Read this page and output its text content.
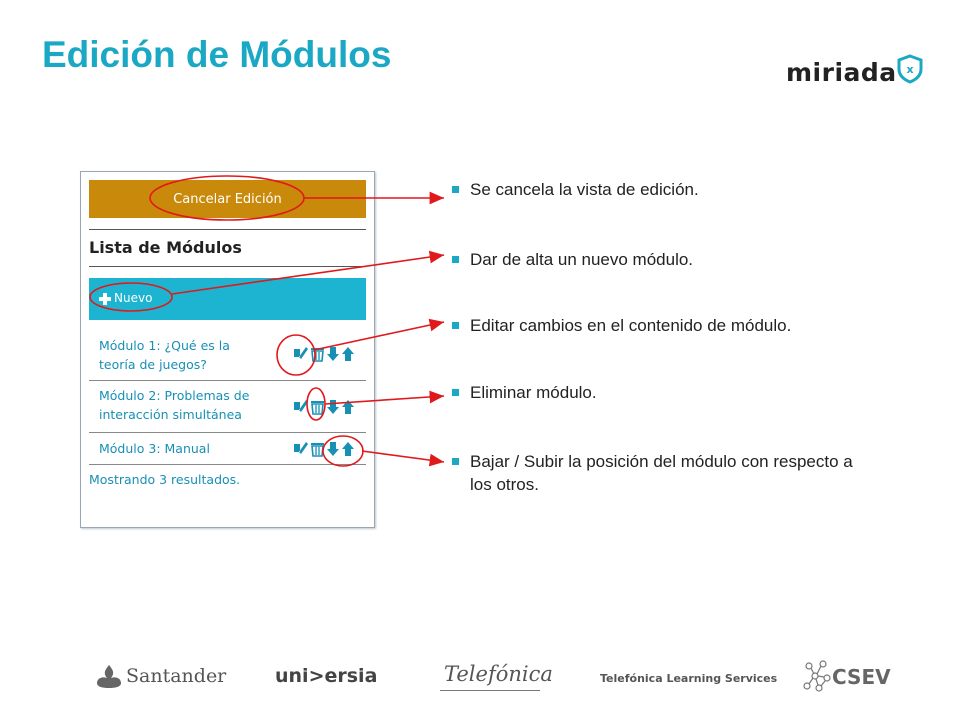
Edición de Módulos	miriada x
Cancelar Edición
Lista de Módulos
Nuevo
Módulo 1: ¿Qué es la
teoría de juegos?
Módulo 2: Problemas de
interacción simultánea
Módulo 3: Manual
Mostrando 3 resultados.
Se cancela la vista de edición.
Dar de alta un nuevo módulo.
Editar cambios en el contenido de módulo.
Eliminar módulo.
Bajar / Subir la posición del módulo con respecto a los otros.
Santander	uni>ersia	Telefónica	Telefónica Learning Services	CSEV
